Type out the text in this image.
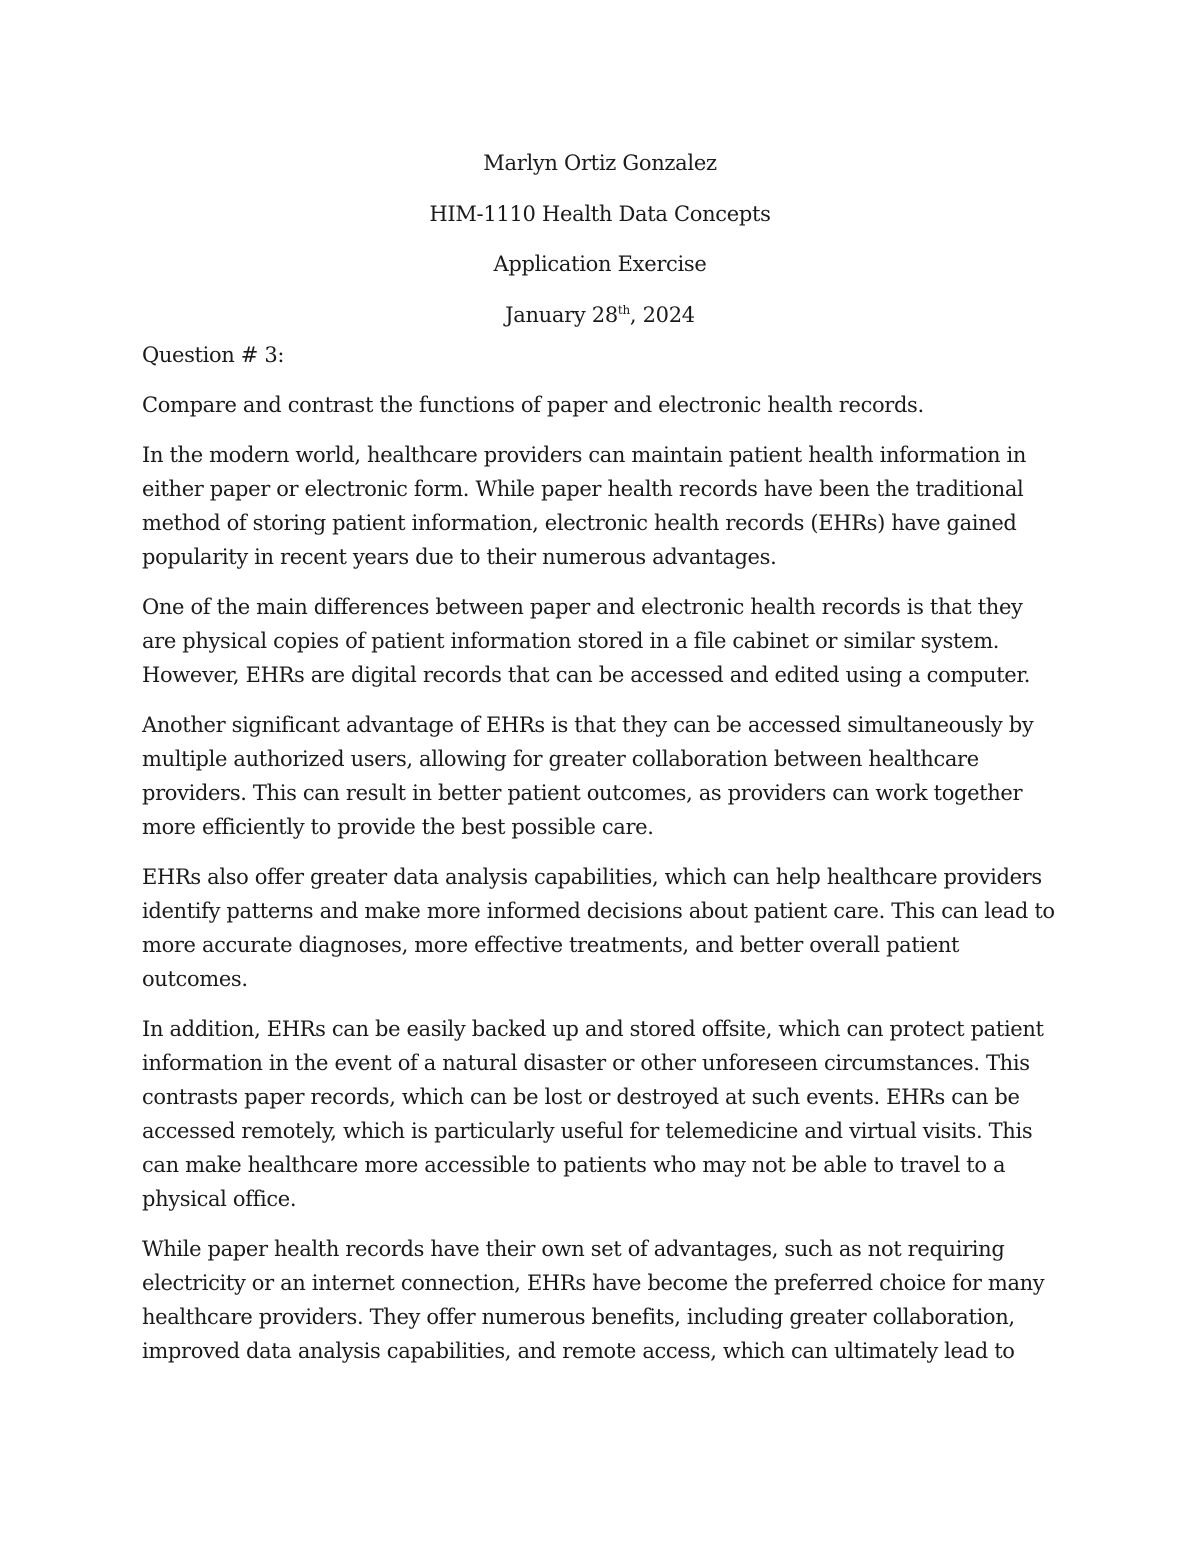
Marlyn Ortiz Gonzalez
HIM-1110 Health Data Concepts
Application Exercise
January 28th, 2024
Question # 3:
Compare and contrast the functions of paper and electronic health records.
In the modern world, healthcare providers can maintain patient health information in
either paper or electronic form. While paper health records have been the traditional
method of storing patient information, electronic health records (EHRs) have gained
popularity in recent years due to their numerous advantages.
One of the main differences between paper and electronic health records is that they
are physical copies of patient information stored in a file cabinet or similar system.
However, EHRs are digital records that can be accessed and edited using a computer.
Another significant advantage of EHRs is that they can be accessed simultaneously by
multiple authorized users, allowing for greater collaboration between healthcare
providers. This can result in better patient outcomes, as providers can work together
more efficiently to provide the best possible care.
EHRs also offer greater data analysis capabilities, which can help healthcare providers
identify patterns and make more informed decisions about patient care. This can lead to
more accurate diagnoses, more effective treatments, and better overall patient
outcomes.
In addition, EHRs can be easily backed up and stored offsite, which can protect patient
information in the event of a natural disaster or other unforeseen circumstances. This
contrasts paper records, which can be lost or destroyed at such events. EHRs can be
accessed remotely, which is particularly useful for telemedicine and virtual visits. This
can make healthcare more accessible to patients who may not be able to travel to a
physical office.
While paper health records have their own set of advantages, such as not requiring
electricity or an internet connection, EHRs have become the preferred choice for many
healthcare providers. They offer numerous benefits, including greater collaboration,
improved data analysis capabilities, and remote access, which can ultimately lead to
